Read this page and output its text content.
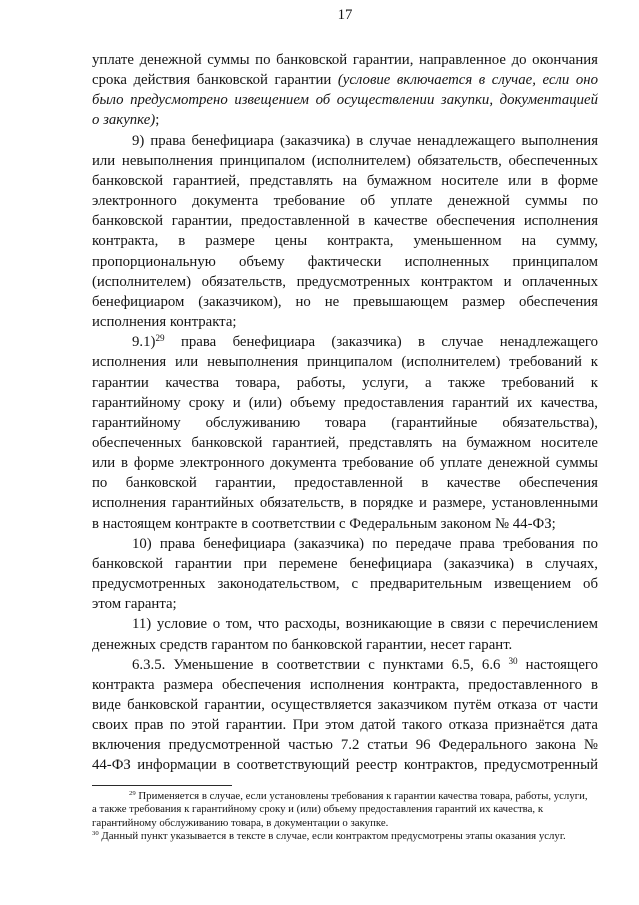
17
уплате денежной суммы по банковской гарантии, направленное до окончания
срока действия банковской гарантии (условие включается в случае, если оно
было предусмотрено извещением об осуществлении закупки, документацией
о закупке);
9) права бенефициара (заказчика) в случае ненадлежащего выполнения
или невыполнения принципалом (исполнителем) обязательств, обеспеченных
банковской гарантией, представлять на бумажном носителе или в форме
электронного документа требование об уплате денежной суммы по
банковской гарантии, предоставленной в качестве обеспечения исполнения
контракта, в размере цены контракта, уменьшенном на сумму,
пропорциональную объему фактически исполненных принципалом
(исполнителем) обязательств, предусмотренных контрактом и оплаченных
бенефициаром (заказчиком), но не превышающем размер обеспечения
исполнения контракта;
9.1)$^{29}$ права бенефициара (заказчика) в случае ненадлежащего
исполнения или невыполнения принципалом (исполнителем) требований к
гарантии качества товара, работы, услуги, а также требований к
гарантийному сроку и (или) объему предоставления гарантий их качества,
гарантийному обслуживанию товара (гарантийные обязательства),
обеспеченных банковской гарантией, представлять на бумажном носителе
или в форме электронного документа требование об уплате денежной суммы
по банковской гарантии, предоставленной в качестве обеспечения
исполнения гарантийных обязательств, в порядке и размере, установленными
в настоящем контракте в соответствии с Федеральным законом № 44-ФЗ;
10) права бенефициара (заказчика) по передаче права требования по
банковской гарантии при перемене бенефициара (заказчика) в случаях,
предусмотренных законодательством, с предварительным извещением об
этом гаранта;
11) условие о том, что расходы, возникающие в связи с перечислением
денежных средств гарантом по банковской гарантии, несет гарант.
6.3.5. Уменьшение в соответствии с пунктами 6.5, 6.6 $^{30}$ настоящего
контракта размера обеспечения исполнения контракта, предоставленного в
виде банковской гарантии, осуществляется заказчиком путём отказа от части
своих прав по этой гарантии. При этом датой такого отказа признаётся дата
включения предусмотренной частью 7.2 статьи 96 Федерального закона №
44-ФЗ информации в соответствующий реестр контрактов, предусмотренный
$^{29}$ Применяется в случае, если установлены требования к гарантии качества товара, работы, услуги,
а также требования к гарантийному сроку и (или) объему предоставления гарантий их качества, к
гарантийному обслуживанию товара, в документации о закупке.
$^{30}$ Данный пункт указывается в тексте в случае, если контрактом предусмотрены этапы оказания услуг.
